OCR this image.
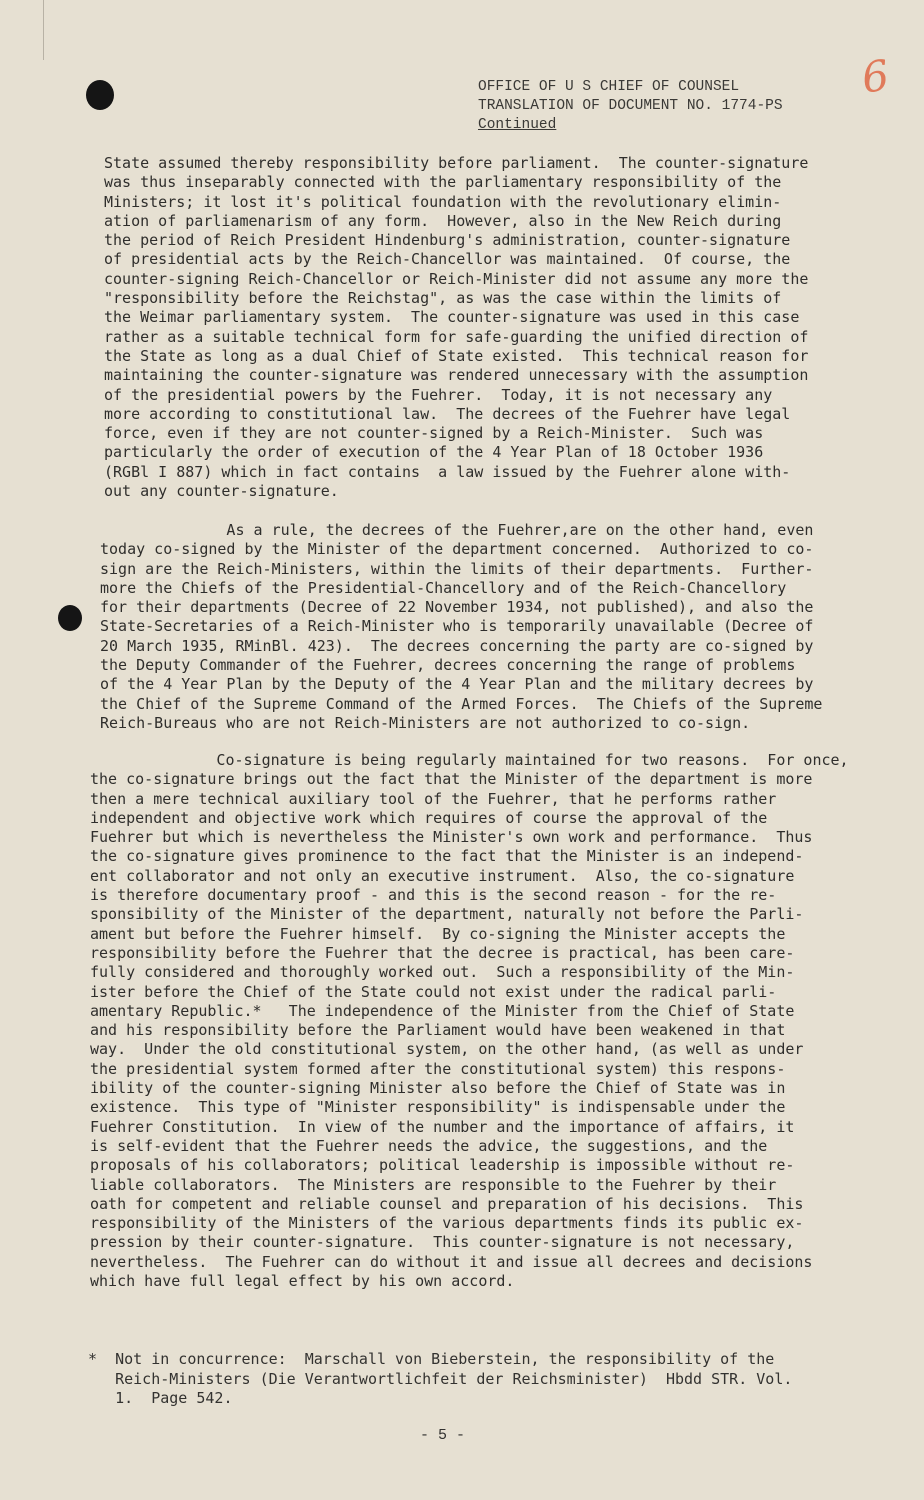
6
OFFICE OF U S CHIEF OF COUNSEL
TRANSLATION OF DOCUMENT NO. 1774-PS
Continued
State assumed thereby responsibility before parliament.  The counter-signature
was thus inseparably connected with the parliamentary responsibility of the
Ministers; it lost it's political foundation with the revolutionary elimin-
ation of parliamenarism of any form.  However, also in the New Reich during
the period of Reich President Hindenburg's administration, counter-signature
of presidential acts by the Reich-Chancellor was maintained.  Of course, the
counter-signing Reich-Chancellor or Reich-Minister did not assume any more the
"responsibility before the Reichstag", as was the case within the limits of
the Weimar parliamentary system.  The counter-signature was used in this case
rather as a suitable technical form for safe-guarding the unified direction of
the State as long as a dual Chief of State existed.  This technical reason for
maintaining the counter-signature was rendered unnecessary with the assumption
of the presidential powers by the Fuehrer.  Today, it is not necessary any
more according to constitutional law.  The decrees of the Fuehrer have legal
force, even if they are not counter-signed by a Reich-Minister.  Such was
particularly the order of execution of the 4 Year Plan of 18 October 1936
(RGBl I 887) which in fact contains  a law issued by the Fuehrer alone with-
out any counter-signature.
As a rule, the decrees of the Fuehrer,are on the other hand, even
today co-signed by the Minister of the department concerned.  Authorized to co-
sign are the Reich-Ministers, within the limits of their departments.  Further-
more the Chiefs of the Presidential-Chancellory and of the Reich-Chancellory
for their departments (Decree of 22 November 1934, not published), and also the
State-Secretaries of a Reich-Minister who is temporarily unavailable (Decree of
20 March 1935, RMinBl. 423).  The decrees concerning the party are co-signed by
the Deputy Commander of the Fuehrer, decrees concerning the range of problems
of the 4 Year Plan by the Deputy of the 4 Year Plan and the military decrees by
the Chief of the Supreme Command of the Armed Forces.  The Chiefs of the Supreme
Reich-Bureaus who are not Reich-Ministers are not authorized to co-sign.
Co-signature is being regularly maintained for two reasons.  For once,
the co-signature brings out the fact that the Minister of the department is more
then a mere technical auxiliary tool of the Fuehrer, that he performs rather
independent and objective work which requires of course the approval of the
Fuehrer but which is nevertheless the Minister's own work and performance.  Thus
the co-signature gives prominence to the fact that the Minister is an independ-
ent collaborator and not only an executive instrument.  Also, the co-signature
is therefore documentary proof - and this is the second reason - for the re-
sponsibility of the Minister of the department, naturally not before the Parli-
ament but before the Fuehrer himself.  By co-signing the Minister accepts the
responsibility before the Fuehrer that the decree is practical, has been care-
fully considered and thoroughly worked out.  Such a responsibility of the Min-
ister before the Chief of the State could not exist under the radical parli-
amentary Republic.*   The independence of the Minister from the Chief of State
and his responsibility before the Parliament would have been weakened in that
way.  Under the old constitutional system, on the other hand, (as well as under
the presidential system formed after the constitutional system) this respons-
ibility of the counter-signing Minister also before the Chief of State was in
existence.  This type of "Minister responsibility" is indispensable under the
Fuehrer Constitution.  In view of the number and the importance of affairs, it
is self-evident that the Fuehrer needs the advice, the suggestions, and the
proposals of his collaborators; political leadership is impossible without re-
liable collaborators.  The Ministers are responsible to the Fuehrer by their
oath for competent and reliable counsel and preparation of his decisions.  This
responsibility of the Ministers of the various departments finds its public ex-
pression by their counter-signature.  This counter-signature is not necessary,
nevertheless.  The Fuehrer can do without it and issue all decrees and decisions
which have full legal effect by his own accord.
*  Not in concurrence:  Marschall von Bieberstein, the responsibility of the
Reich-Ministers (Die Verantwortlichfeit der Reichsminister)  Hbdd STR. Vol.
1.  Page 542.
- 5 -
